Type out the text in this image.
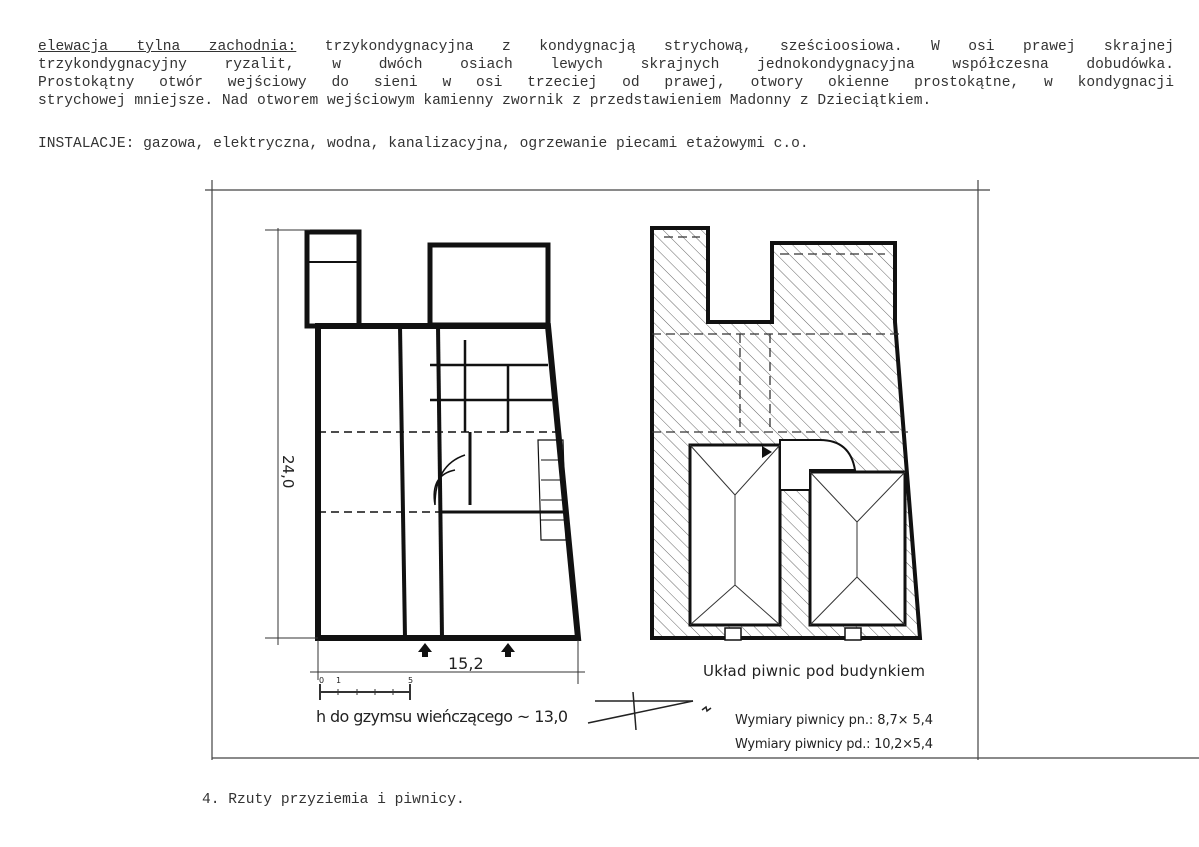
elewacja tylna zachodnia: trzykondygnacyjna z kondygnacją strychową, sześcioosiowa. W osi prawej skrajnej
trzykondygnacyjny ryzalit, w dwóch osiach lewych skrajnych jednokondygnacyjna współczesna dobudówka.
Prostokątny otwór wejściowy do sieni w osi trzeciej od prawej, otwory okienne prostokątne, w kondygnacji
strychowej mniejsze. Nad otworem wejściowym kamienny zwornik z przedstawieniem Madonny z Dzieciątkiem.
INSTALACJE: gazowa, elektryczna, wodna, kanalizacyjna, ogrzewanie piecami etażowymi c.o.
24,0
15,2
0 1	5
h do gzymsu wieńczącego ~ 13,0
Układ piwnic pod budynkiem
Wymiary piwnicy pn.: 8,7× 5,4
Wymiary piwnicy pd.: 10,2×5,4
4. Rzuty przyziemia i piwnicy.
